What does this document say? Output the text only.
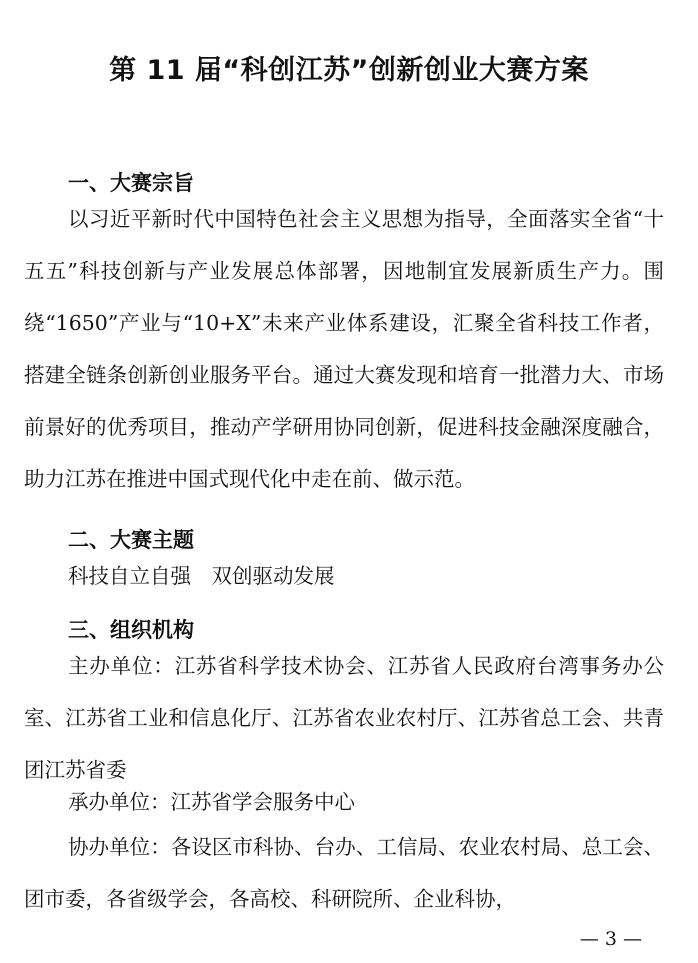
第 11 届“科创江苏”创新创业大赛方案
一、大赛宗旨
以习近平新时代中国特色社会主义思想为指导，全面落实全省“十五五”科技创新与产业发展总体部署，因地制宜发展新质生产力。围绕“1650”产业与“10+X”未来产业体系建设，汇聚全省科技工作者，搭建全链条创新创业服务平台。通过大赛发现和培育一批潜力大、市场前景好的优秀项目，推动产学研用协同创新，促进科技金融深度融合，助力江苏在推进中国式现代化中走在前、做示范。
二、大赛主题
科技自立自强　双创驱动发展
三、组织机构
主办单位：江苏省科学技术协会、江苏省人民政府台湾事务办公室、江苏省工业和信息化厅、江苏省农业农村厅、江苏省总工会、共青团江苏省委
承办单位：江苏省学会服务中心
协办单位：各设区市科协、台办、工信局、农业农村局、总工会、团市委，各省级学会，各高校、科研院所、企业科协，
— 3 —
